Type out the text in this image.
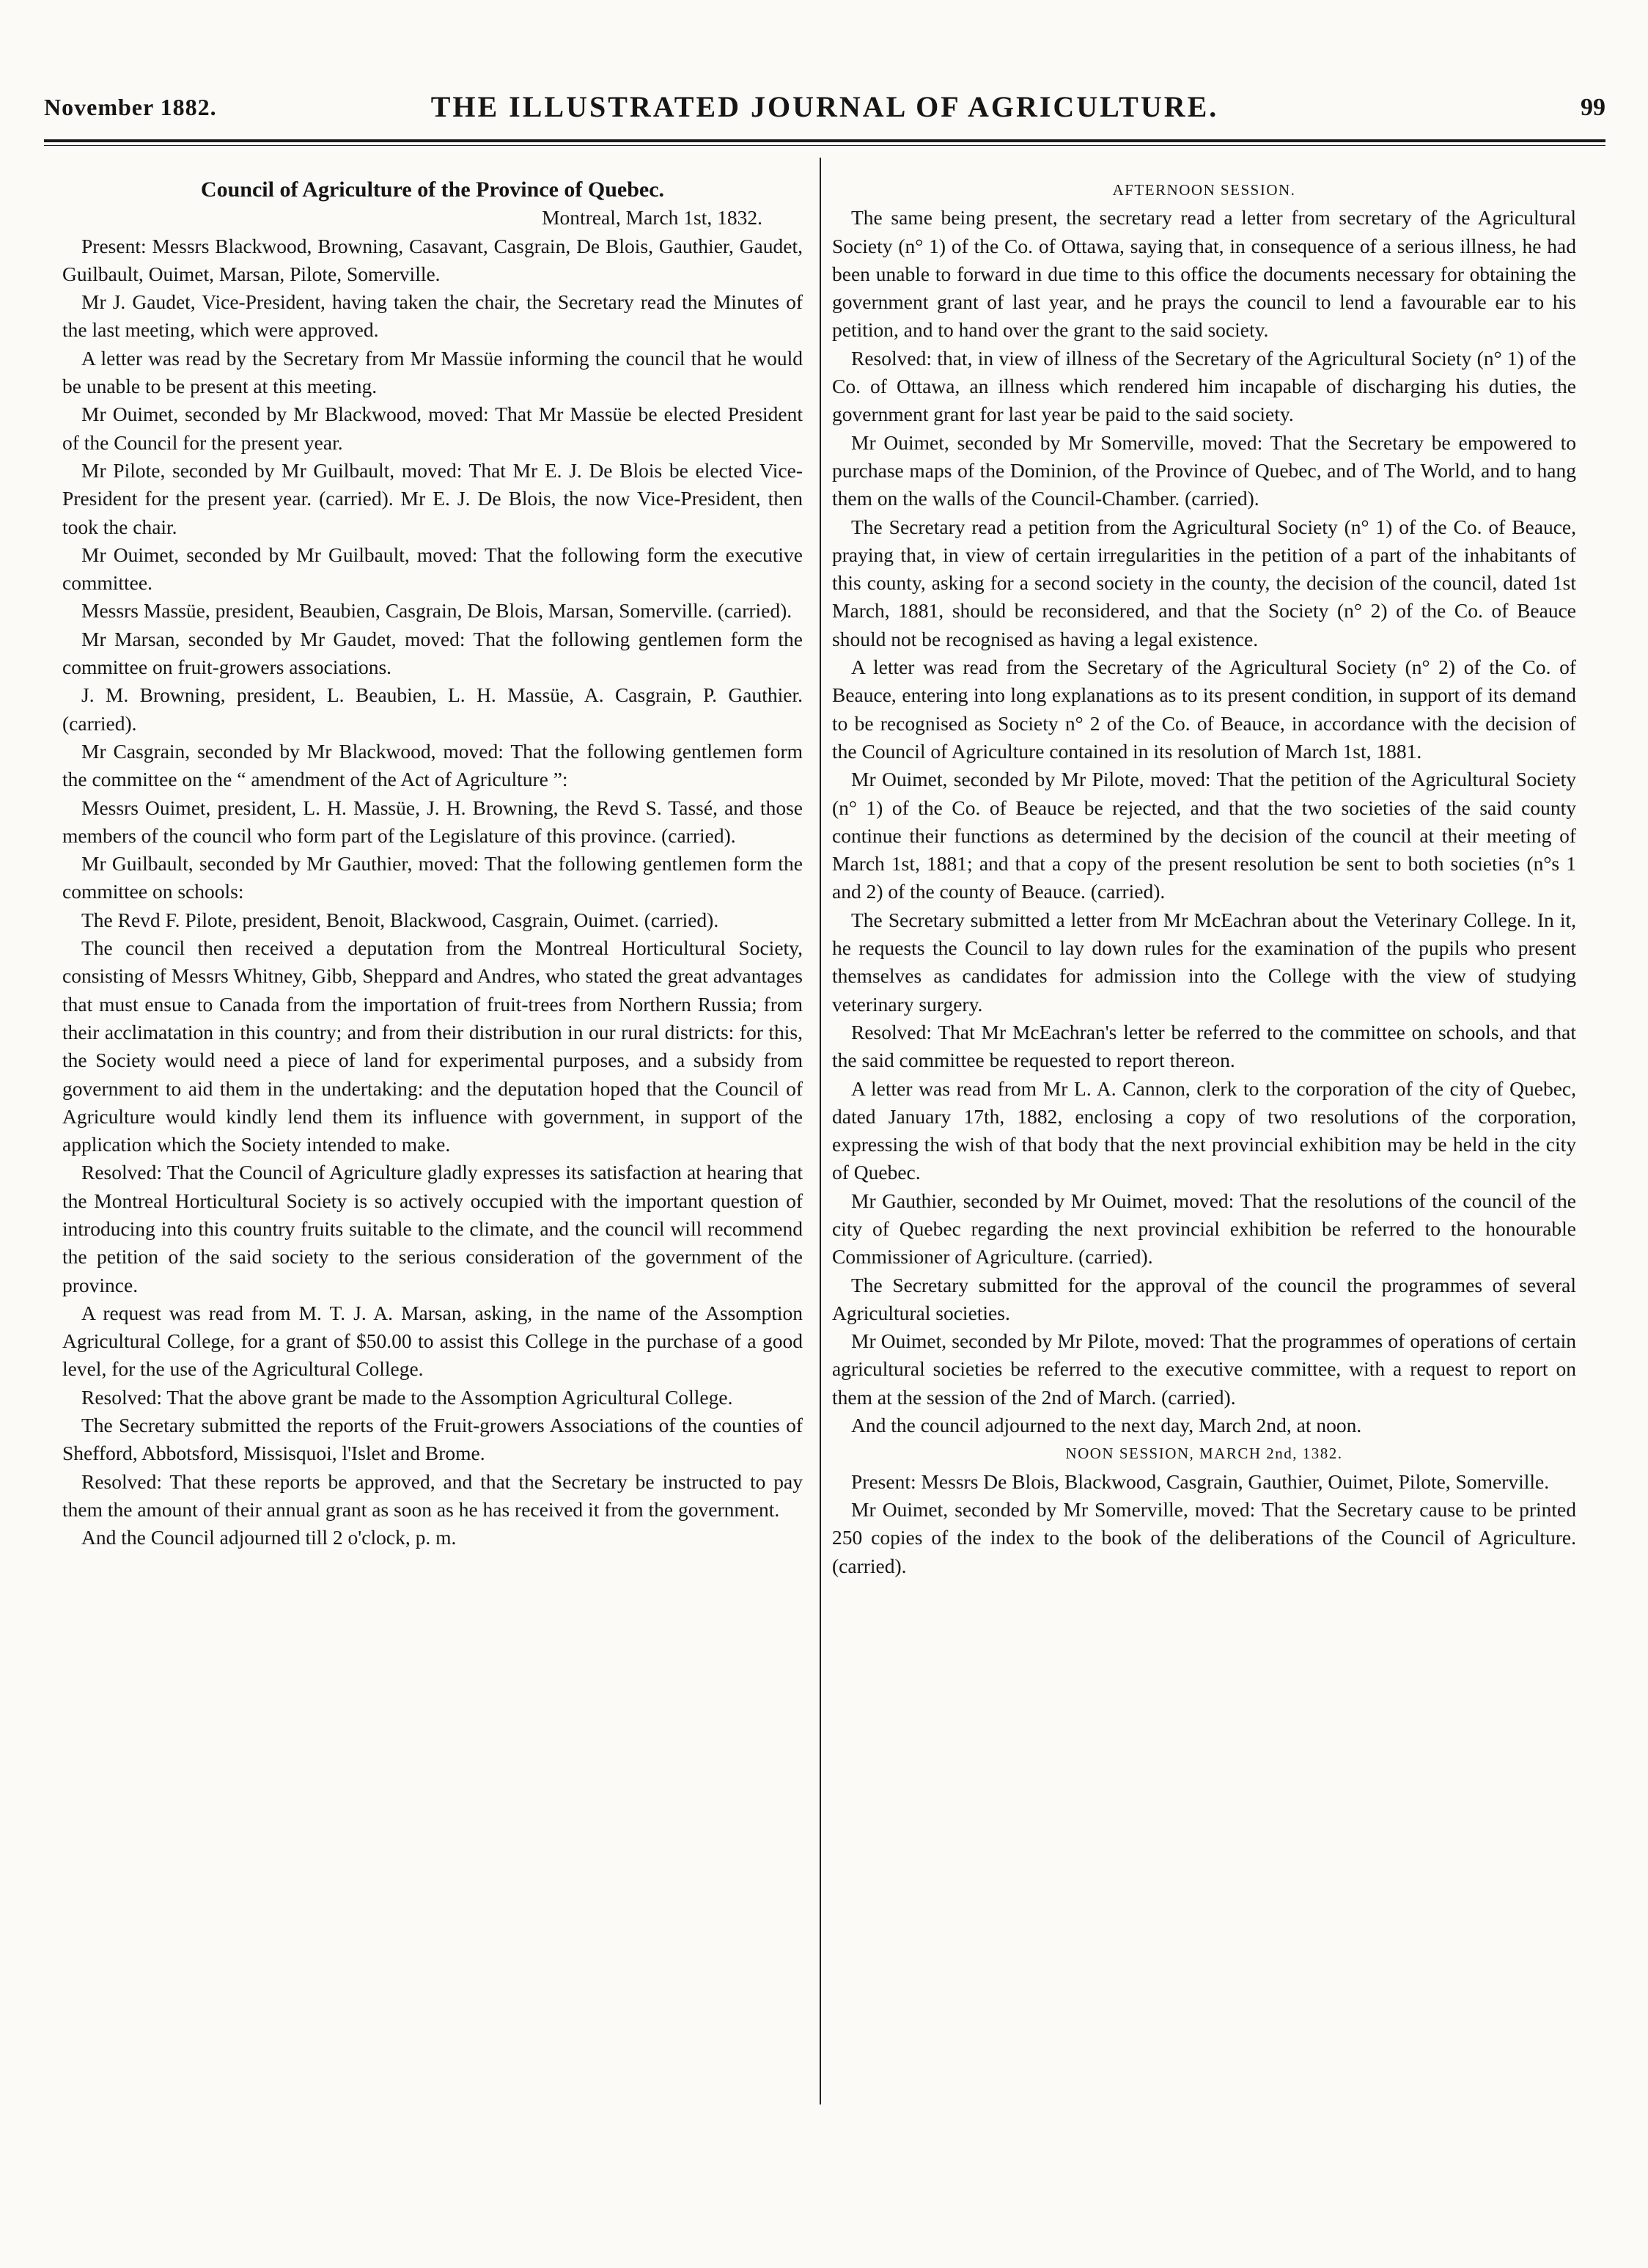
November 1882.	THE ILLUSTRATED JOURNAL OF AGRICULTURE.	99

Council of Agriculture of the Province of Quebec.

Montreal, March 1st, 1832.

Present: Messrs Blackwood, Browning, Casavant, Casgrain, De Blois, Gauthier, Gaudet, Guilbault, Ouimet, Marsan, Pilote, Somerville.

Mr J. Gaudet, Vice-President, having taken the chair, the Secretary read the Minutes of the last meeting, which were approved.

A letter was read by the Secretary from Mr Massüe informing the council that he would be unable to be present at this meeting.

Mr Ouimet, seconded by Mr Blackwood, moved: That Mr Massüe be elected President of the Council for the present year.

Mr Pilote, seconded by Mr Guilbault, moved: That Mr E. J. De Blois be elected Vice-President for the present year. (carried). Mr E. J. De Blois, the now Vice-President, then took the chair.

Mr Ouimet, seconded by Mr Guilbault, moved: That the following form the executive committee.

Messrs Massüe, president, Beaubien, Casgrain, De Blois, Marsan, Somerville. (carried).

Mr Marsan, seconded by Mr Gaudet, moved: That the following gentlemen form the committee on fruit-growers associations.

J. M. Browning, president, L. Beaubien, L. H. Massüe, A. Casgrain, P. Gauthier. (carried).

Mr Casgrain, seconded by Mr Blackwood, moved: That the following gentlemen form the committee on the “ amendment of the Act of Agriculture ”:

Messrs Ouimet, president, L. H. Massüe, J. H. Browning, the Revd S. Tassé, and those members of the council who form part of the Legislature of this province. (carried).

Mr Guilbault, seconded by Mr Gauthier, moved: That the following gentlemen form the committee on schools:

The Revd F. Pilote, president, Benoit, Blackwood, Casgrain, Ouimet. (carried).

The council then received a deputation from the Montreal Horticultural Society, consisting of Messrs Whitney, Gibb, Sheppard and Andres, who stated the great advantages that must ensue to Canada from the importation of fruit-trees from Northern Russia; from their acclimatation in this country; and from their distribution in our rural districts: for this, the Society would need a piece of land for experimental purposes, and a subsidy from government to aid them in the undertaking: and the deputation hoped that the Council of Agriculture would kindly lend them its influence with government, in support of the application which the Society intended to make.

Resolved: That the Council of Agriculture gladly expresses its satisfaction at hearing that the Montreal Horticultural Society is so actively occupied with the important question of introducing into this country fruits suitable to the climate, and the council will recommend the petition of the said society to the serious consideration of the government of the province.

A request was read from M. T. J. A. Marsan, asking, in the name of the Assomption Agricultural College, for a grant of $50.00 to assist this College in the purchase of a good level, for the use of the Agricultural College.

Resolved: That the above grant be made to the Assomption Agricultural College.

The Secretary submitted the reports of the Fruit-growers Associations of the counties of Shefford, Abbotsford, Missisquoi, l'Islet and Brome.

Resolved: That these reports be approved, and that the Secretary be instructed to pay them the amount of their annual grant as soon as he has received it from the government.

And the Council adjourned till 2 o'clock, p. m.

AFTERNOON SESSION.

The same being present, the secretary read a letter from secretary of the Agricultural Society (n° 1) of the Co. of Ottawa, saying that, in consequence of a serious illness, he had been unable to forward in due time to this office the documents necessary for obtaining the government grant of last year, and he prays the council to lend a favourable ear to his petition, and to hand over the grant to the said society.

Resolved: that, in view of illness of the Secretary of the Agricultural Society (n° 1) of the Co. of Ottawa, an illness which rendered him incapable of discharging his duties, the government grant for last year be paid to the said society.

Mr Ouimet, seconded by Mr Somerville, moved: That the Secretary be empowered to purchase maps of the Dominion, of the Province of Quebec, and of The World, and to hang them on the walls of the Council-Chamber. (carried).

The Secretary read a petition from the Agricultural Society (n° 1) of the Co. of Beauce, praying that, in view of certain irregularities in the petition of a part of the inhabitants of this county, asking for a second society in the county, the decision of the council, dated 1st March, 1881, should be reconsidered, and that the Society (n° 2) of the Co. of Beauce should not be recognised as having a legal existence.

A letter was read from the Secretary of the Agricultural Society (n° 2) of the Co. of Beauce, entering into long explanations as to its present condition, in support of its demand to be recognised as Society n° 2 of the Co. of Beauce, in accordance with the decision of the Council of Agriculture contained in its resolution of March 1st, 1881.

Mr Ouimet, seconded by Mr Pilote, moved: That the petition of the Agricultural Society (n° 1) of the Co. of Beauce be rejected, and that the two societies of the said county continue their functions as determined by the decision of the council at their meeting of March 1st, 1881; and that a copy of the present resolution be sent to both societies (n°s 1 and 2) of the county of Beauce. (carried).

The Secretary submitted a letter from Mr McEachran about the Veterinary College. In it, he requests the Council to lay down rules for the examination of the pupils who present themselves as candidates for admission into the College with the view of studying veterinary surgery.

Resolved: That Mr McEachran's letter be referred to the committee on schools, and that the said committee be requested to report thereon.

A letter was read from Mr L. A. Cannon, clerk to the corporation of the city of Quebec, dated January 17th, 1882, enclosing a copy of two resolutions of the corporation, expressing the wish of that body that the next provincial exhibition may be held in the city of Quebec.

Mr Gauthier, seconded by Mr Ouimet, moved: That the resolutions of the council of the city of Quebec regarding the next provincial exhibition be referred to the honourable Commissioner of Agriculture. (carried).

The Secretary submitted for the approval of the council the programmes of several Agricultural societies.

Mr Ouimet, seconded by Mr Pilote, moved: That the programmes of operations of certain agricultural societies be referred to the executive committee, with a request to report on them at the session of the 2nd of March. (carried).

And the council adjourned to the next day, March 2nd, at noon.

NOON SESSION, MARCH 2nd, 1382.

Present: Messrs De Blois, Blackwood, Casgrain, Gauthier, Ouimet, Pilote, Somerville.

Mr Ouimet, seconded by Mr Somerville, moved: That the Secretary cause to be printed 250 copies of the index to the book of the deliberations of the Council of Agriculture. (carried).
